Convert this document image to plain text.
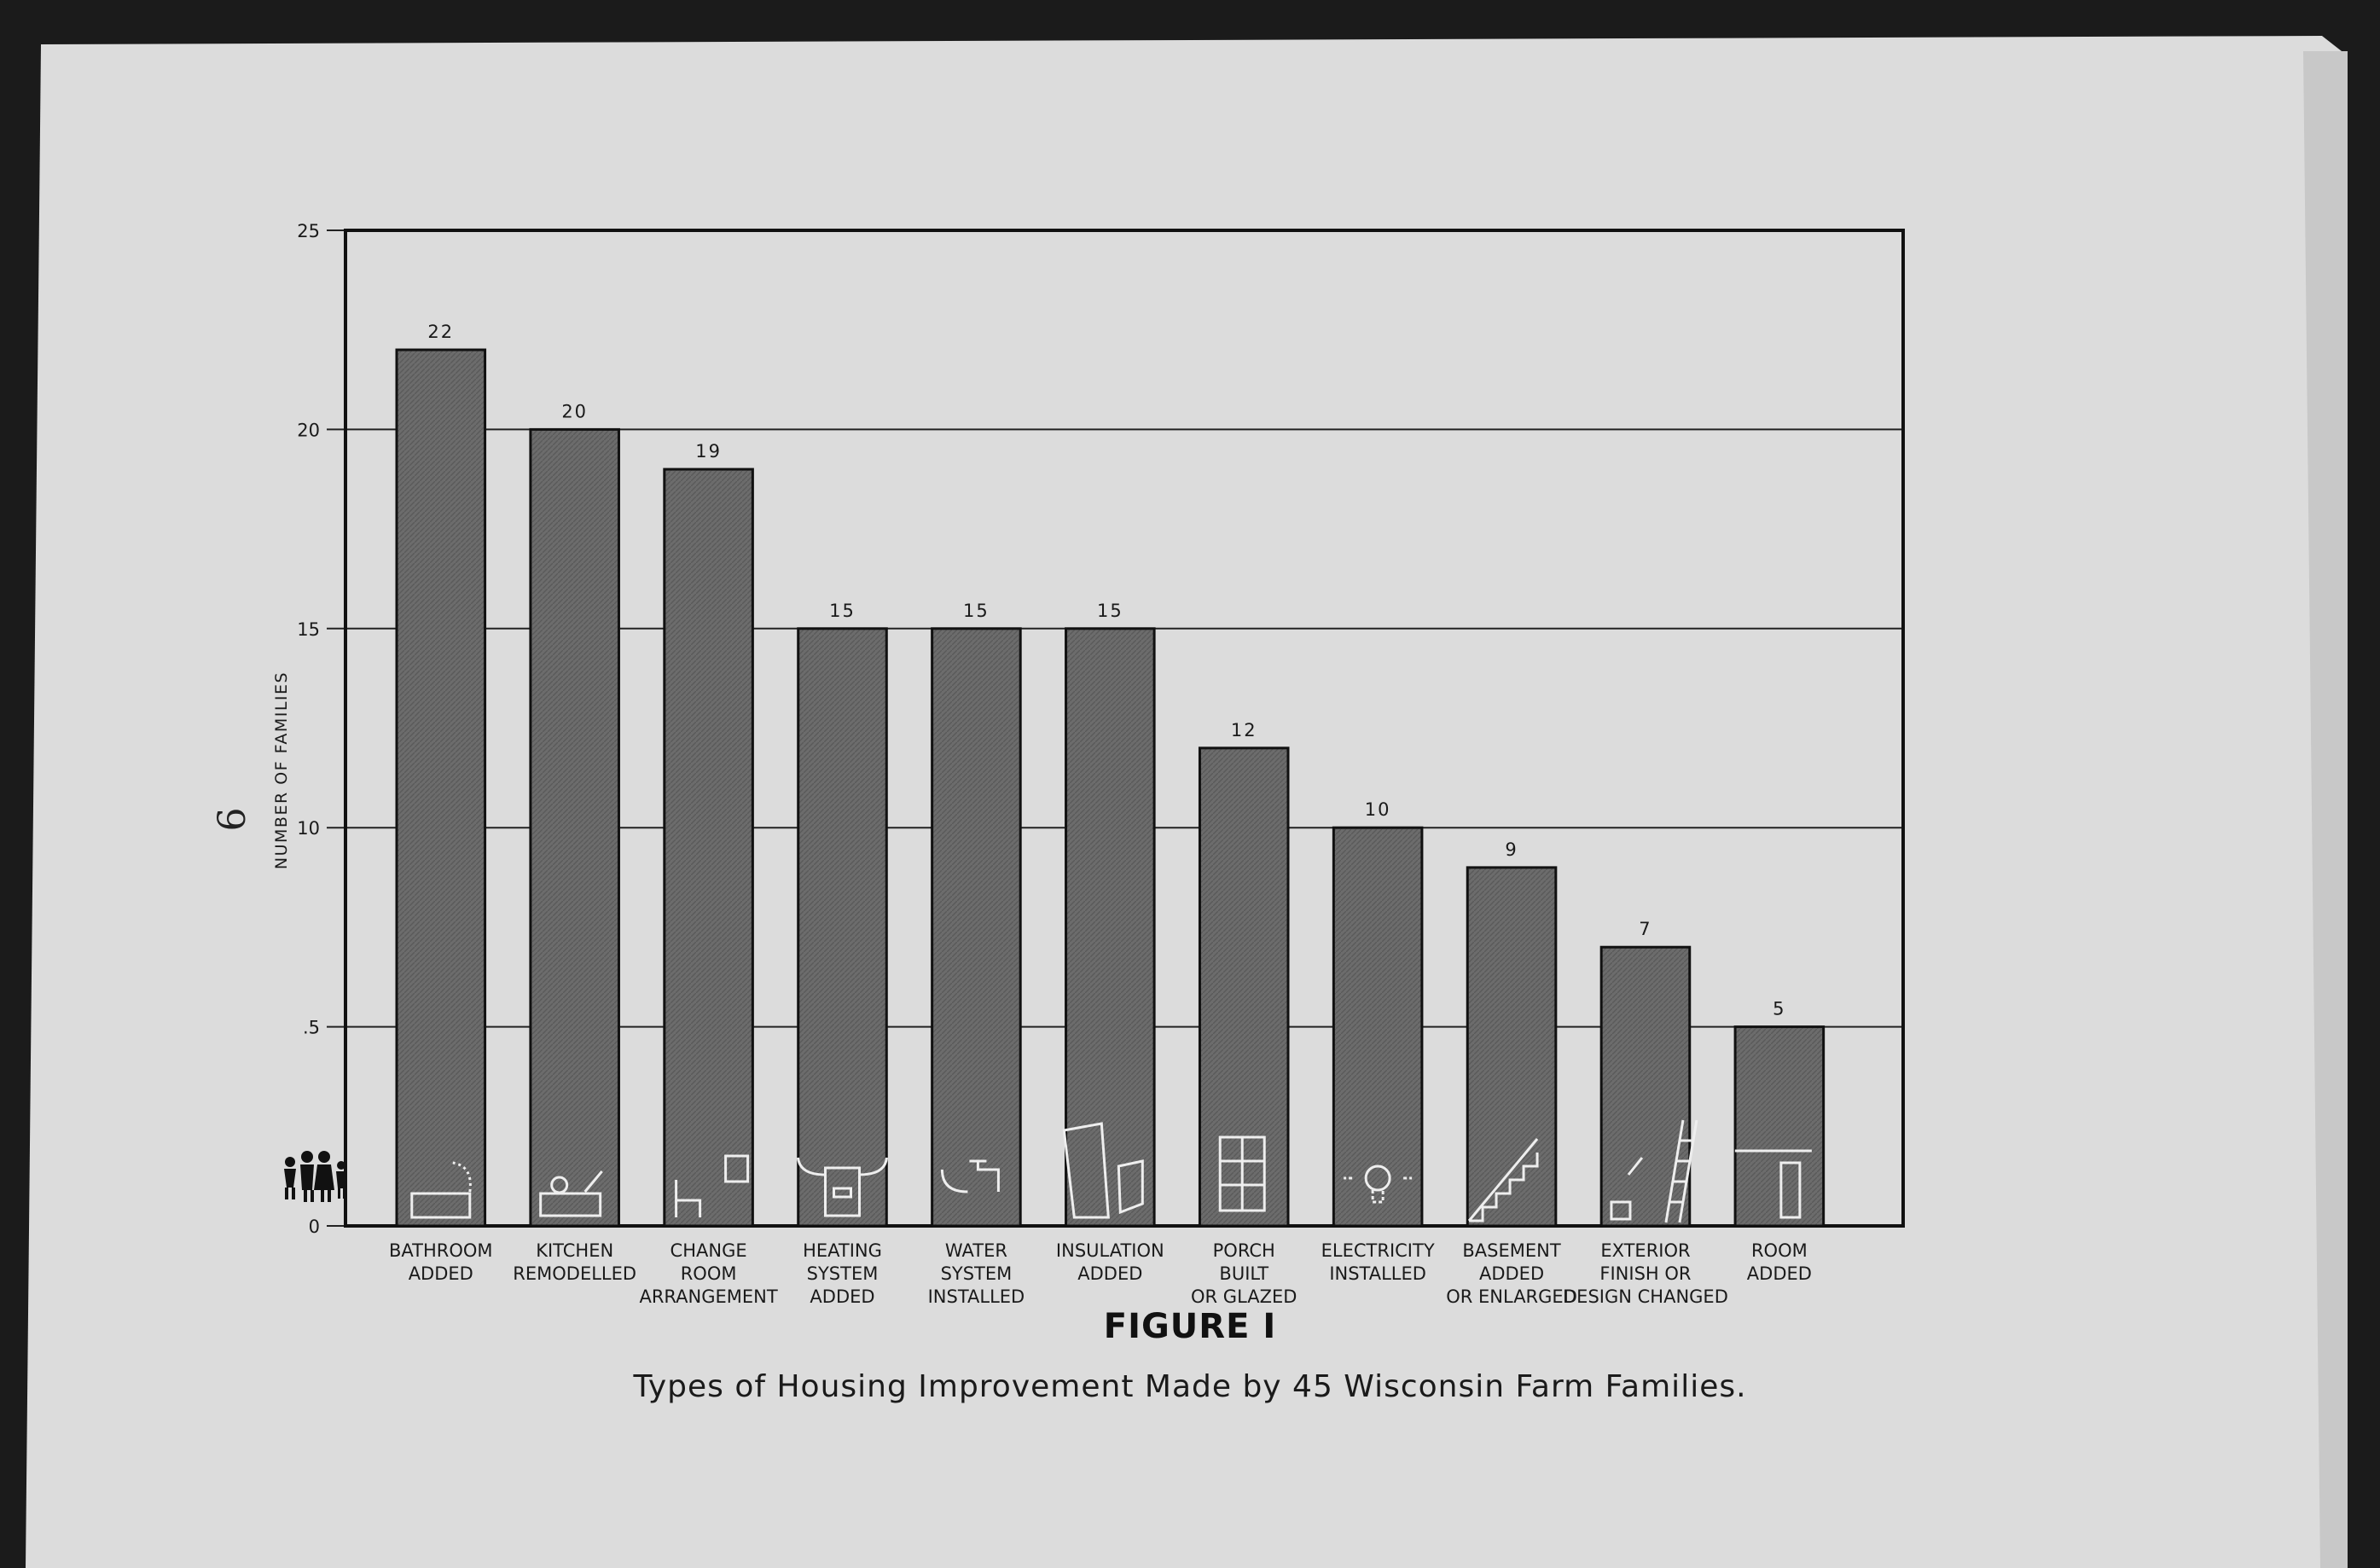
22
20
19
15	15	15
12
10
9
7
5
0
.5
10
15
20
25
BATHROOM
ADDED
KITCHEN
REMODELLED
CHANGE
ROOM
ARRANGEMENT
HEATING
SYSTEM
ADDED
WATER
SYSTEM
INSTALLED
INSULATION
ADDED
PORCH
BUILT
OR GLAZED
ELECTRICITY
INSTALLED
BASEMENT
ADDED
OR ENLARGED
EXTERIOR
FINISH OR
DESIGN CHANGED
ROOM
ADDED
NUMBER OF FAMILIES
9
FIGURE I
Types of Housing Improvement Made by 45 Wisconsin Farm Families.
